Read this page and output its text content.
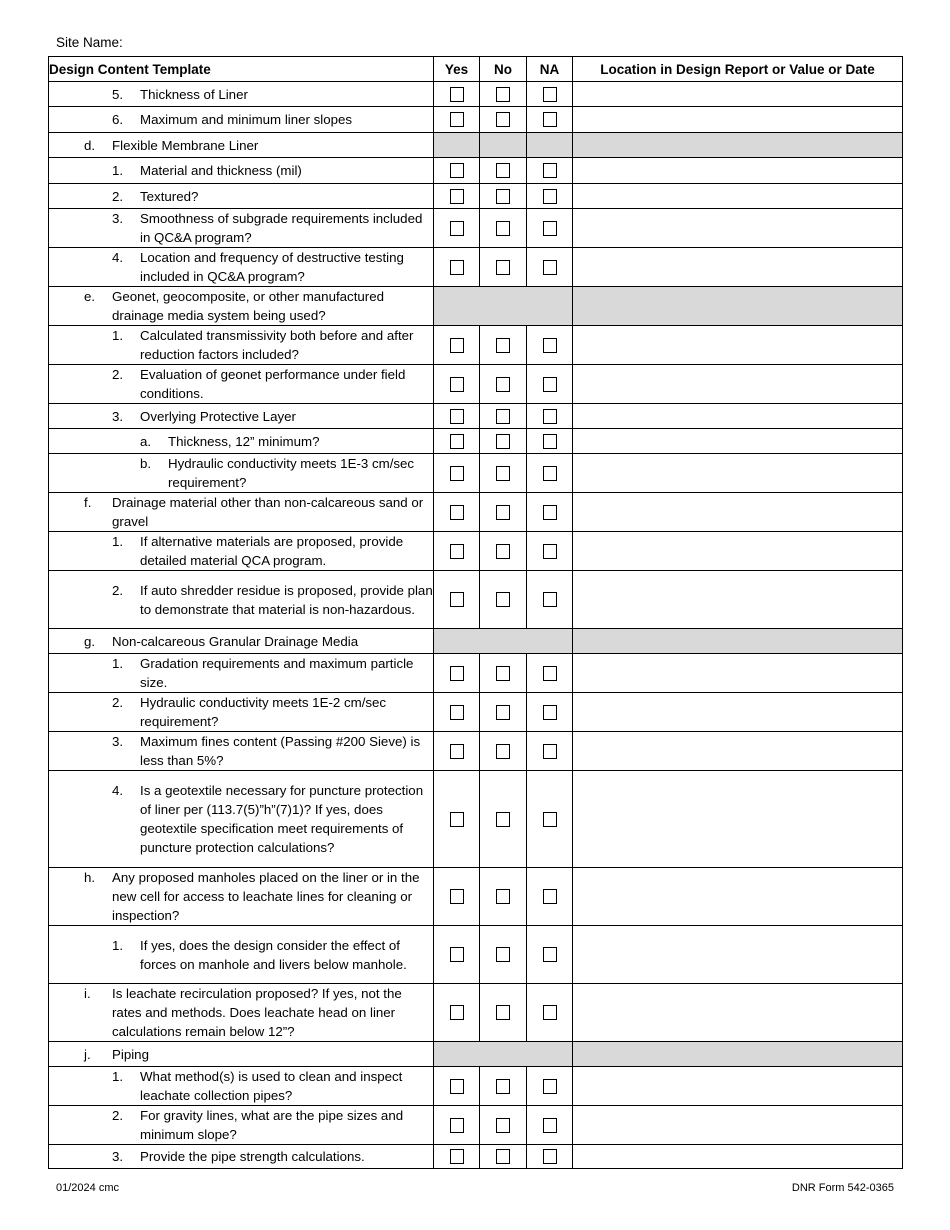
Site Name:
Design Content Template	Yes	No	NA	Location in Design Report or Value or Date

5. Thickness of Liner				

6. Maximum and minimum liner slopes				

d. Flexible Membrane Liner				

1. Material and thickness (mil)				

2. Textured?				

3. Smoothness of subgrade requirements included in QC&A program?				

4. Location and frequency of destructive testing included in QC&A program?				

e. Geonet, geocomposite, or other manufactured drainage media system being used?				

1. Calculated transmissivity both before and after reduction factors included?				

2. Evaluation of geonet performance under field conditions.				

3. Overlying Protective Layer				

a. Thickness, 12” minimum?				

b. Hydraulic conductivity meets 1E-3 cm/sec requirement?				

f. Drainage material other than non-calcareous sand or gravel				

1. If alternative materials are proposed, provide detailed material QCA program.				

2. If auto shredder residue is proposed, provide plan to demonstrate that material is non-hazardous.				

g. Non-calcareous Granular Drainage Media				

1. Gradation requirements and maximum particle size.				

2. Hydraulic conductivity meets 1E-2 cm/sec requirement?				

3. Maximum fines content (Passing #200 Sieve) is less than 5%?				

4. Is a geotextile necessary for puncture protection of liner per (113.7(5)”h”(7)1)? If yes, does geotextile specification meet requirements of puncture protection calculations?				

h. Any proposed manholes placed on the liner or in the new cell for access to leachate lines for cleaning or inspection?				

1. If yes, does the design consider the effect of forces on manhole and livers below manhole.				

i. Is leachate recirculation proposed? If yes, not the rates and methods. Does leachate head on liner calculations remain below 12”?				

j. Piping				

1. What method(s) is used to clean and inspect leachate collection pipes?				

2. For gravity lines, what are the pipe sizes and minimum slope?				

3. Provide the pipe strength calculations.				

01/2024 cmc	DNR Form 542-0365
